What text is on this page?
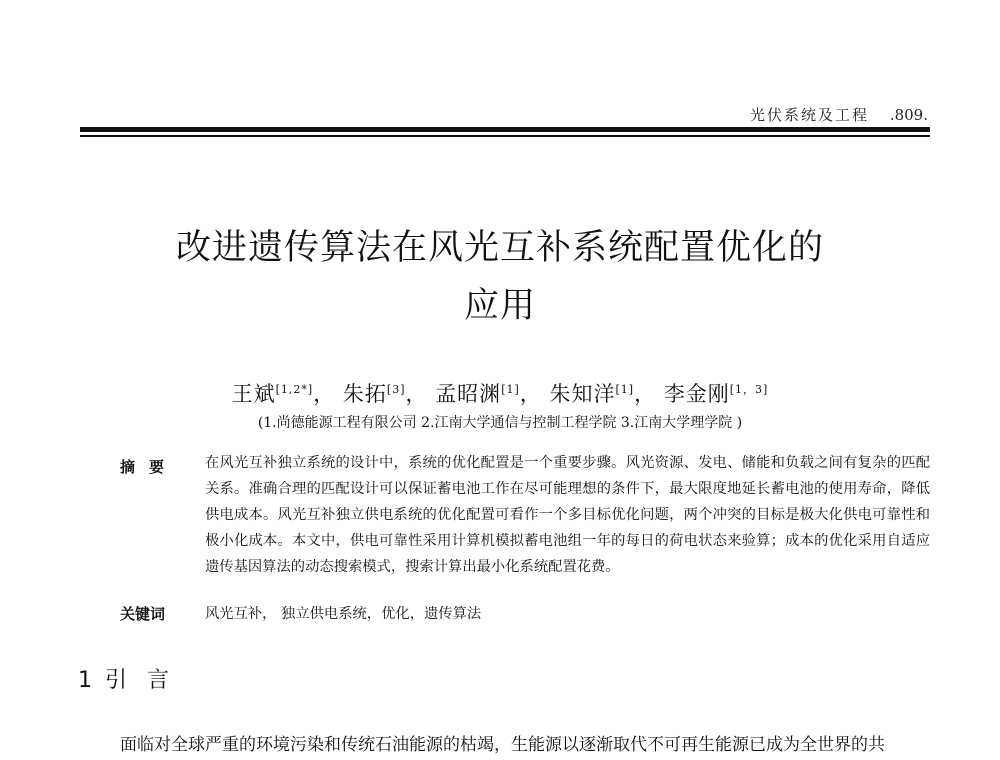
光伏系统及工程 .809.
改进遗传算法在风光互补系统配置优化的
应用
王斌[1,2*]， 朱拓[3]， 孟昭渊[1]， 朱知洋[1]， 李金刚[1，3]
(1.尚德能源工程有限公司 2.江南大学通信与控制工程学院 3.江南大学理学院 )
摘要 在风光互补独立系统的设计中，系统的优化配置是一个重要步骤。风光资源、发电、储能和负载之间有复杂的匹配关系。准确合理的匹配设计可以保证蓄电池工作在尽可能理想的条件下，最大限度地延长蓄电池的使用寿命，降低供电成本。风光互补独立供电系统的优化配置可看作一个多目标优化问题，两个冲突的目标是极大化供电可靠性和极小化成本。本文中，供电可靠性采用计算机模拟蓄电池组一年的每日的荷电状态来验算；成本的优化采用自适应遗传基因算法的动态搜索模式，搜索计算出最小化系统配置花费。
关键词	风光互补， 独立供电系统，优化，遗传算法
1 引言
面临对全球严重的环境污染和传统石油能源的枯竭，生能源以逐渐取代不可再生能源已成为全世界的共
